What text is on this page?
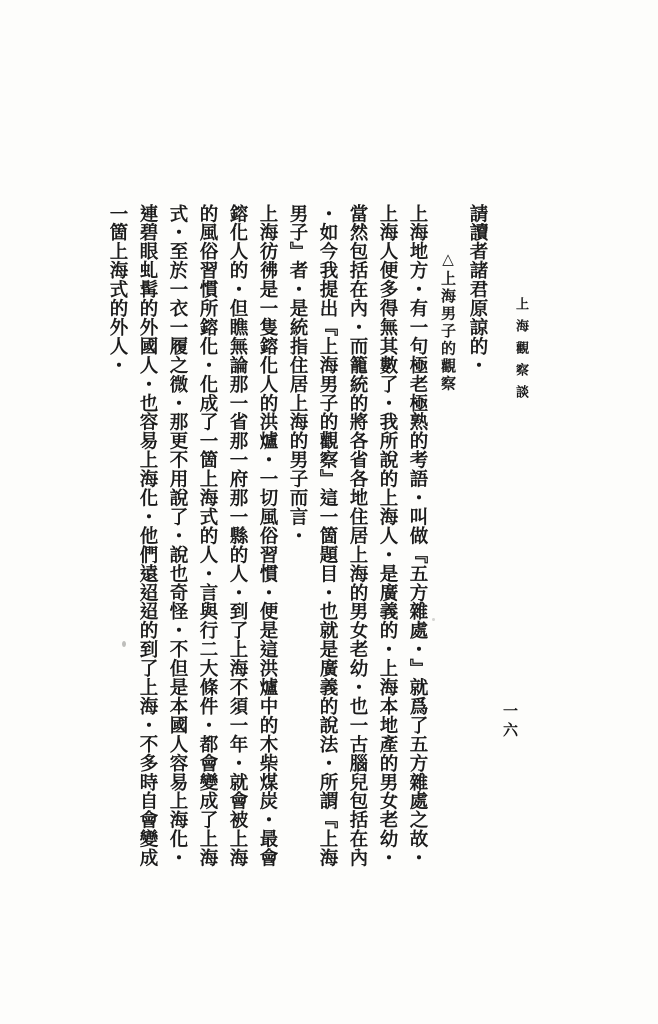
上海觀察談
一六

請讀者諸君原諒的・

△上海男子的觀察

上海地方・有一句極老極熟的考語・叫做『五方雜處・』就爲了五方雜處之故・

上海人便多得無其數了・我所說的上海人・是廣義的・上海本地產的男女老幼・

當然包括在內・而籠統的將各省各地住居上海的男女老幼・也一古腦兒包括在內

・如今我提出『上海男子的觀察』這一箇題目・也就是廣義的說法・所謂『上海

男子』者・是統指住居上海的男子而言・

上海彷彿是一隻鎔化人的洪爐・一切風俗習慣・便是這洪爐中的木柴煤炭・最會

鎔化人的・但瞧無論那一省那一府那一縣的人・到了上海不須一年・就會被上海

的風俗習慣所鎔化・化成了一箇上海式的人・言與行二大條件・都會變成了上海

式・至於一衣一履之微・那更不用說了・說也奇怪・不但是本國人容易上海化・

連碧眼虬髯的外國人・也容易上海化・他們遠迢迢的到了上海・不多時自會變成

一箇上海式的外人・
